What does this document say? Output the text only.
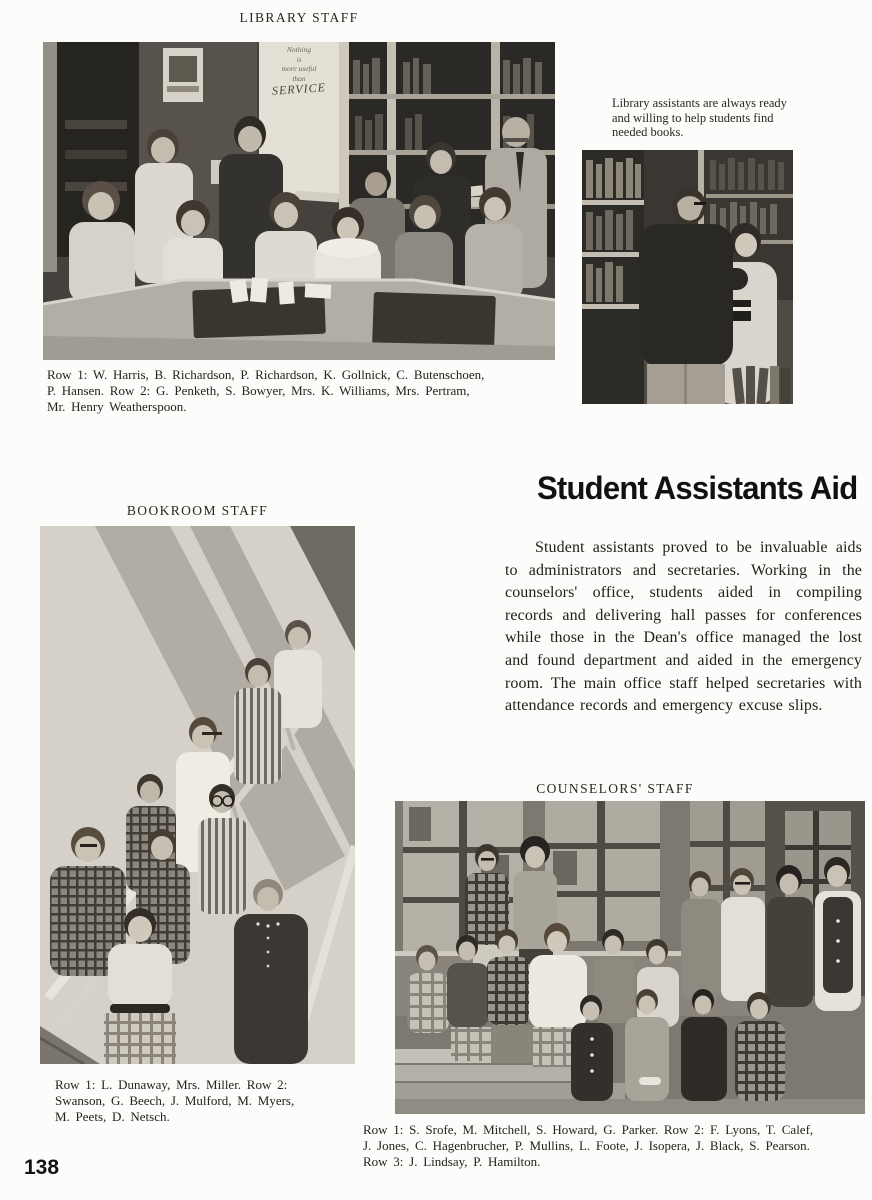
LIBRARY STAFF
Nothing
is
more useful
than
SERVICE
Library assistants are always ready
and willing to help students find
needed books.
Row 1: W. Harris, B. Richardson, P. Richardson, K. Gollnick, C. Butenschoen,
P. Hansen. Row 2: G. Penketh, S. Bowyer, Mrs. K. Williams, Mrs. Pertram,
Mr. Henry Weatherspoon.
BOOKROOM STAFF
Student Assistants Aid

Student assistants proved to be invaluable aids to administrators and secretaries. Working in the counselors' office, students aided in compiling records and delivering hall passes for conferences while those in the Dean's office managed the lost and found department and aided in the emergency room. The main office staff helped secretaries with attendance records and emergency excuse slips.

COUNSELORS' STAFF
Row 1: L. Dunaway, Mrs. Miller. Row 2:
Swanson, G. Beech, J. Mulford, M. Myers,
M. Peets, D. Netsch.
Row 1: S. Srofe, M. Mitchell, S. Howard, G. Parker. Row 2: F. Lyons, T. Calef,
J. Jones, C. Hagenbrucher, P. Mullins, L. Foote, J. Isopera, J. Black, S. Pearson.
Row 3: J. Lindsay, P. Hamilton.
138
